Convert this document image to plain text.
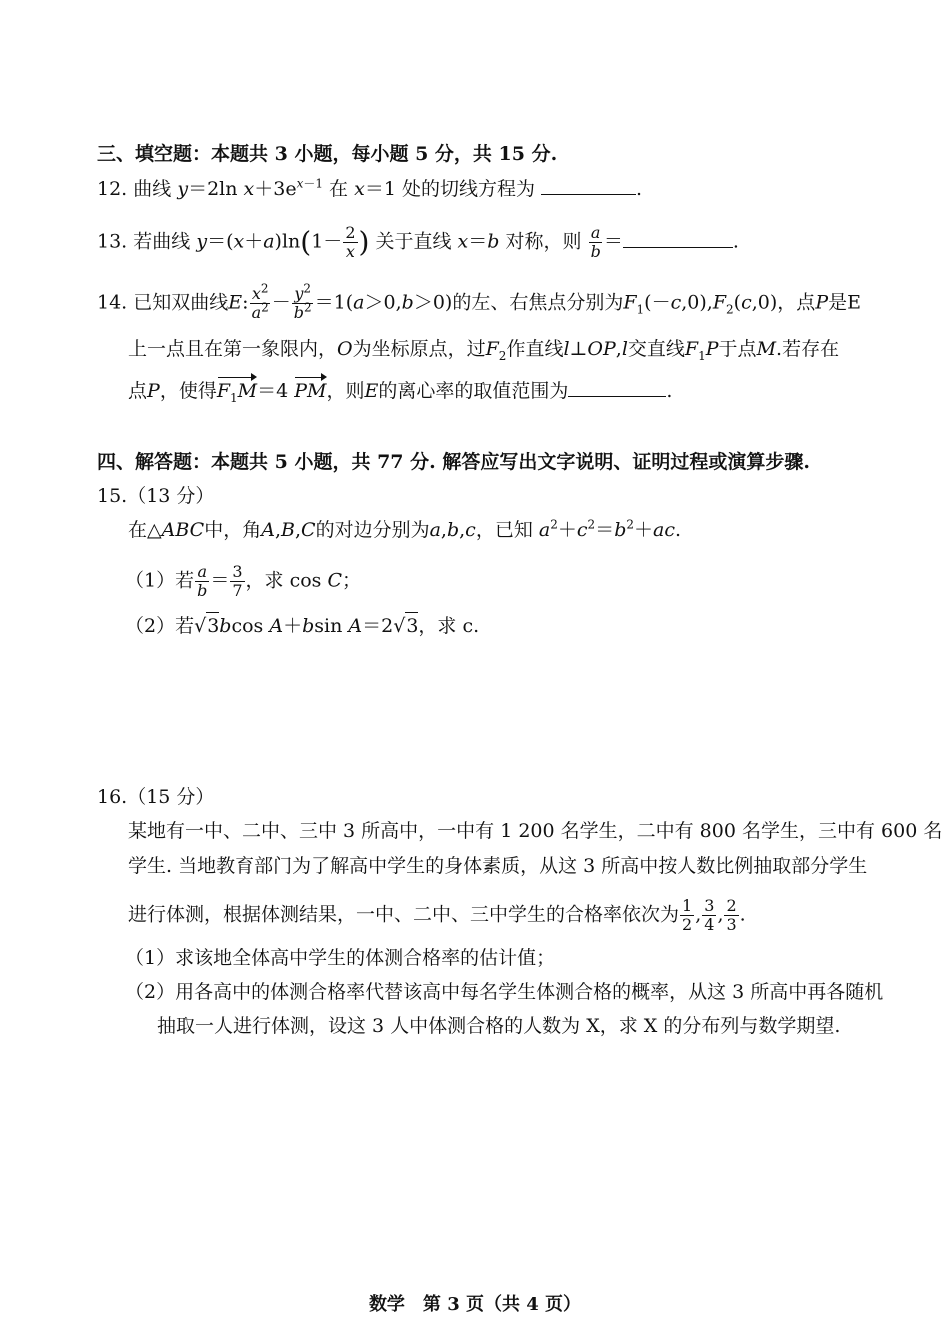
三、填空题：本题共 3 小题，每小题 5 分，共 15 分.
12. 曲线 y＝2ln $x+3e^{x-1}$ 在 x＝1 处的切线方程为	.
13. 若曲线 $y=(x+a)\ln(1- \frac{2}{x}$ ) 关于直线 x＝b 对称，则 $\frac{a}{b}$ ＝	.
14. 已知双曲线E: $\frac{x^2}{a^2} - \frac{y^2}{b^2} =1(a>0,b>0)$的左、右焦点分别为$F_1(-c,0),F_2(c,0)$，点P是E
上一点且在第一象限内，O为坐标原点，过$F_2$作直线l⊥OP,l交直线$F_1P$于点M.若存在
点P，使得$F_1M=4$ PM，则E的离心率的取值范围为	.
四、解答题：本题共 5 小题，共 77 分. 解答应写出文字说明、证明过程或演算步骤.
15.（13 分）
在△ABC中，角A,B,C的对边分别为a,b,c，已知 $a^2+c^2=b^2+ac$.
（1）若 $\frac{a}{b} = \frac{3}{7}$ ，求 cos C；
（2）若√3bcos A＋bsin A＝2√3，求 c.
16.（15 分）
某地有一中、二中、三中 3 所高中，一中有 1 200 名学生，二中有 800 名学生，三中有 600 名
学生. 当地教育部门为了解高中学生的身体素质，从这 3 所高中按人数比例抽取部分学生
进行体测，根据体测结果，一中、二中、三中学生的合格率依次为 $\frac{1}{2}$ , $\frac{3}{4}$ , $\frac{2}{3}$ .
（1）求该地全体高中学生的体测合格率的估计值；
（2）用各高中的体测合格率代替该高中每名学生体测合格的概率，从这 3 所高中再各随机
抽取一人进行体测，设这 3 人中体测合格的人数为 X，求 X 的分布列与数学期望.
数学　第 3 页（共 4 页）
